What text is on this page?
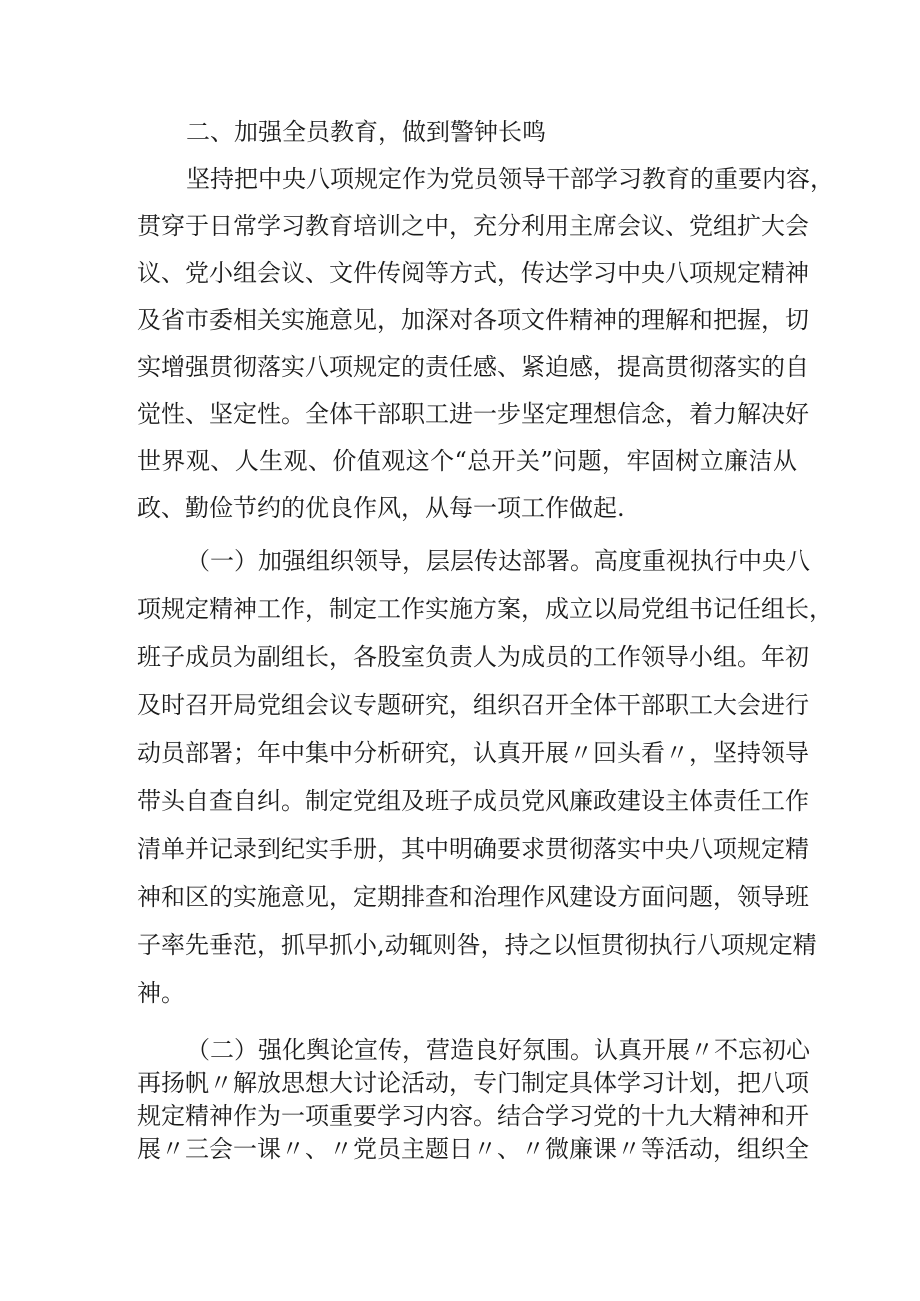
二、加强全员教育，做到警钟长鸣
坚 持 把 中 央 八 项 规 定 作 为 党 员 领 导 干 部 学 习 教 育 的 重 要 内 容 ，
贯 穿 于 日 常 学 习 教 育 培 训 之 中 ， 充 分 利 用 主 席 会 议 、 党 组 扩 大 会
议 、 党 小 组 会 议 、 文 件 传 阅 等 方 式 ， 传 达 学 习 中 央 八 项 规 定 精 神
及 省 市 委 相 关 实 施 意 见 ， 加 深 对 各 项 文 件 精 神 的 理 解 和 把 握 ， 切
实 增 强 贯 彻 落 实 八 项 规 定 的 责 任 感 、 紧 迫 感 ， 提 高 贯 彻 落 实 的 自
觉 性 、 坚 定 性 。 全 体 干 部 职 工 进 一 步 坚 定 理 想 信 念 ， 着 力 解 决 好
世 界 观 、 人 生 观 、 价 值 观 这 个 “ 总 开 关 ” 问 题 ， 牢 固 树 立 廉 洁 从
政、勤俭节约的优良作风，从每一项工作做起.
（ 一 ） 加 强 组 织 领 导 ， 层 层 传 达 部 署 。 高 度 重 视 执 行 中 央 八
项 规 定 精 神 工 作 ， 制 定 工 作 实 施 方 案 ， 成 立 以 局 党 组 书 记 任 组 长 ，
班 子 成 员 为 副 组 长 ， 各 股 室 负 责 人 为 成 员 的 工 作 领 导 小 组 。 年 初
及 时 召 开 局 党 组 会 议 专 题 研 究 ， 组 织 召 开 全 体 干 部 职 工 大 会 进 行
动 员 部 署 ； 年 中 集 中 分 析 研 究 ， 认 真 开 展 〃 回 头 看 〃 ， 坚 持 领 导
带 头 自 查 自 纠 。 制 定 党 组 及 班 子 成 员 党 风 廉 政 建 设 主 体 责 任 工 作
清 单 并 记 录 到 纪 实 手 册 ， 其 中 明 确 要 求 贯 彻 落 实 中 央 八 项 规 定 精
神 和 区 的 实 施 意 见 ， 定 期 排 查 和 治 理 作 风 建 设 方 面 问 题 ， 领 导 班
子 率 先 垂 范 ， 抓 早 抓 小 , 动 辄 则 咎 ， 持 之 以 恒 贯 彻 执 行 八 项 规 定 精
神。
（ 二 ） 强 化 舆 论 宣 传 ， 营 造 良 好 氛 围 。 认 真 开 展 〃 不 忘 初 心
再 扬 帆 〃 解 放 思 想 大 讨 论 活 动 ， 专 门 制 定 具 体 学 习 计 划 ， 把 八 项
规 定 精 神 作 为 一 项 重 要 学 习 内 容 。 结 合 学 习 党 的 十 九 大 精 神 和 开
展 〃 三 会 一 课 〃 、 〃 党 员 主 题 日 〃 、 〃 微 廉 课 〃 等 活 动 ， 组 织 全
